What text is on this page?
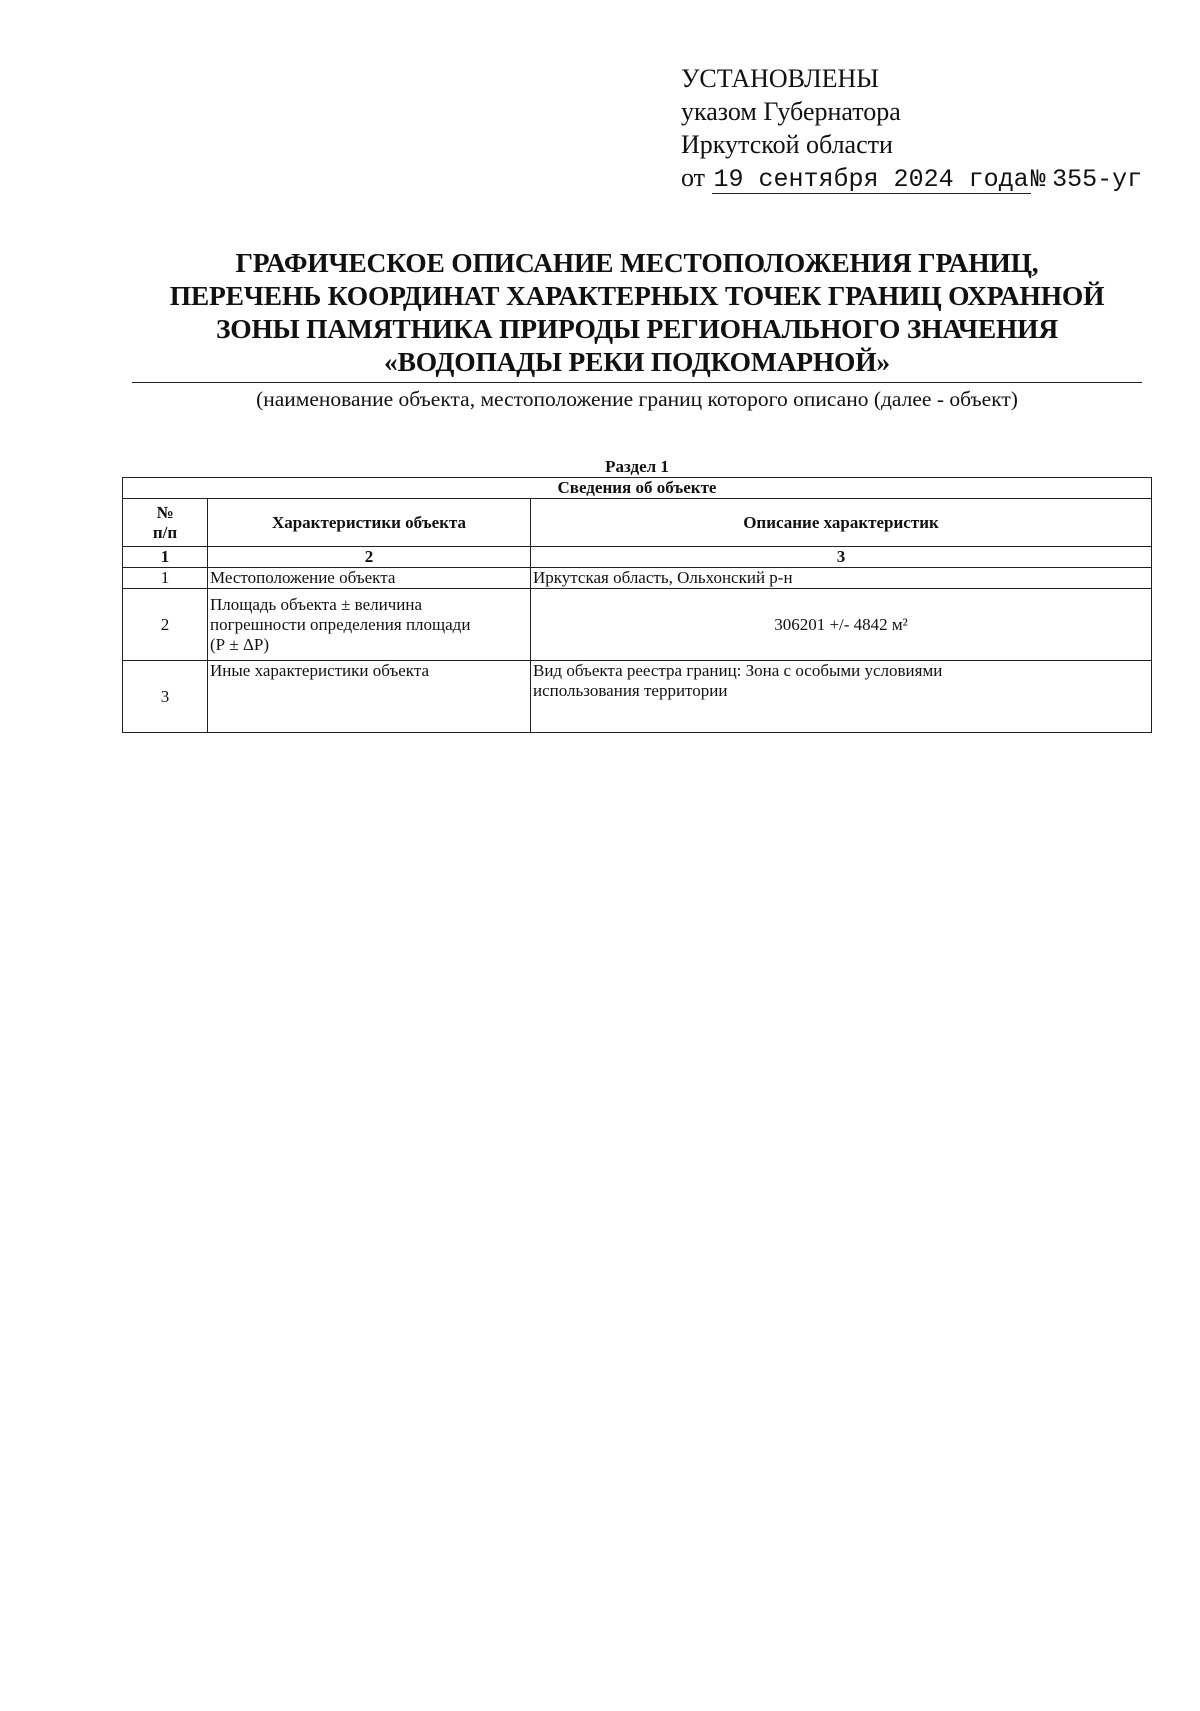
УСТАНОВЛЕНЫ
указом Губернатора
Иркутской области
от 19 сентября 2024 года№ 355-уг
ГРАФИЧЕСКОЕ ОПИСАНИЕ МЕСТОПОЛОЖЕНИЯ ГРАНИЦ,
ПЕРЕЧЕНЬ КООРДИНАТ ХАРАКТЕРНЫХ ТОЧЕК ГРАНИЦ ОХРАННОЙ
ЗОНЫ ПАМЯТНИКА ПРИРОДЫ РЕГИОНАЛЬНОГО ЗНАЧЕНИЯ
«ВОДОПАДЫ РЕКИ ПОДКОМАРНОЙ»
(наименование объекта, местоположение границ которого описано (далее - объект)
Раздел 1
Сведения об объекте		

№
п/п	Характеристики объекта	Описание характеристик
1	2	3
1	Местоположение объекта	Иркутская область, Ольхонский р-н
2	Площадь объекта ± величина
погрешности определения площади
(Р ± ΔР)	306201 +/- 4842 м²
3	Иные характеристики объекта	Вид объекта реестра границ: Зона с особыми условиями
использования территории
